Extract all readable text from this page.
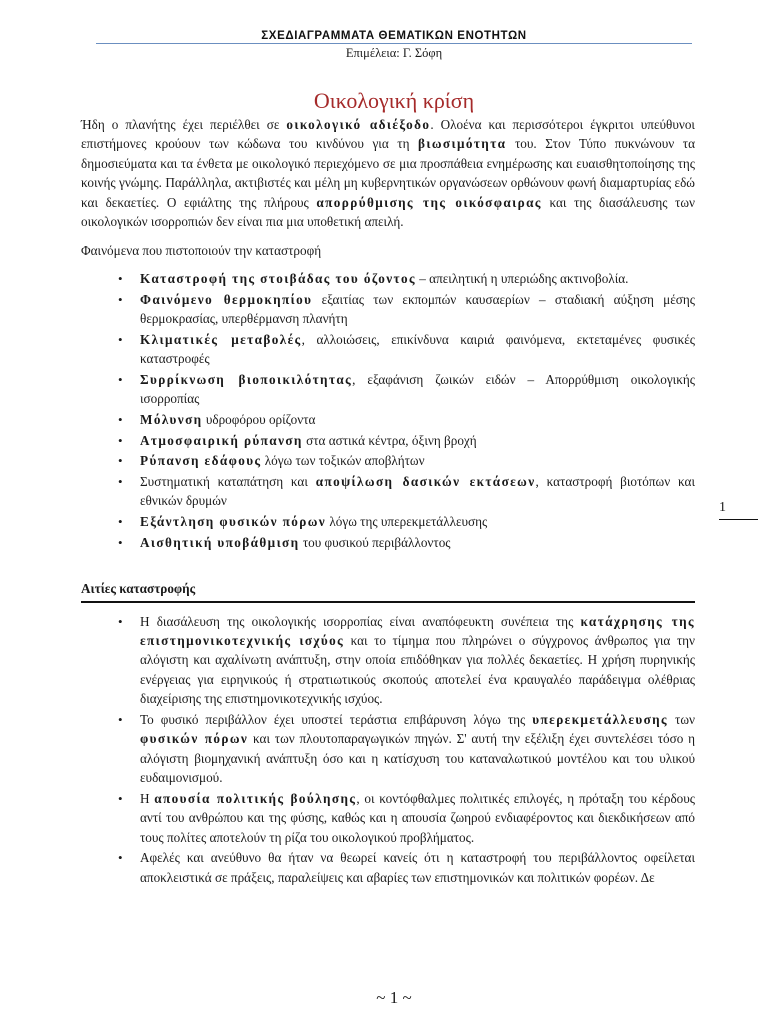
ΣΧΕΔΙΑΓΡΑΜΜΑΤΑ ΘΕΜΑΤΙΚΩΝ ΕΝΟΤΗΤΩΝ
Επιμέλεια: Γ. Σόφη
Οικολογική κρίση

Ήδη ο πλανήτης έχει περιέλθει σε οικολογικό αδιέξοδο. Ολοένα και περισσότεροι έγκριτοι υπεύθυνοι επιστήμονες κρούουν των κώδωνα του κινδύνου για τη βιωσιμότητα του. Στον Τύπο πυκνώνουν τα δημοσιεύματα και τα ένθετα με οικολογικό περιεχόμενο σε μια προσπάθεια ενημέρωσης και ευαισθητοποίησης της κοινής γνώμης. Παράλληλα, ακτιβιστές και μέλη μη κυβερνητικών οργανώσεων ορθώνουν φωνή διαμαρτυρίας εδώ και δεκαετίες. Ο εφιάλτης της πλήρους απορρύθμισης της οικόσφαιρας και της διασάλευσης των οικολογικών ισορροπιών δεν είναι πια μια υποθετική απειλή.

Φαινόμενα που πιστοποιούν την καταστροφή

• Καταστροφή της στοιβάδας του όζοντος – απειλητική η υπεριώδης ακτινοβολία.
• Φαινόμενο θερμοκηπίου εξαιτίας των εκπομπών καυσαερίων – σταδιακή αύξηση μέσης θερμοκρασίας, υπερθέρμανση πλανήτη
• Κλιματικές μεταβολές, αλλοιώσεις, επικίνδυνα καιριά φαινόμενα, εκτεταμένες φυσικές καταστροφές
• Συρρίκνωση βιοποικιλότητας, εξαφάνιση ζωικών ειδών – Απορρύθμιση οικολογικής ισορροπίας
• Μόλυνση υδροφόρου ορίζοντα
• Ατμοσφαιρική ρύπανση στα αστικά κέντρα, όξινη βροχή
• Ρύπανση εδάφους λόγω των τοξικών αποβλήτων
• Συστηματική καταπάτηση και αποψίλωση δασικών εκτάσεων, καταστροφή βιοτόπων και εθνικών δρυμών
• Εξάντληση φυσικών πόρων λόγω της υπερεκμετάλλευσης
• Αισθητική υποβάθμιση του φυσικού περιβάλλοντος

Αιτίες καταστροφής

• Η διασάλευση της οικολογικής ισορροπίας είναι αναπόφευκτη συνέπεια της κατάχρησης της επιστημονικοτεχνικής ισχύος και το τίμημα που πληρώνει ο σύγχρονος άνθρωπος για την αλόγιστη και αχαλίνωτη ανάπτυξη, στην οποία επιδόθηκαν για πολλές δεκαετίες. Η χρήση πυρηνικής ενέργειας για ειρηνικούς ή στρατιωτικούς σκοπούς αποτελεί ένα κραυγαλέο παράδειγμα ολέθριας διαχείρισης της επιστημονικοτεχνικής ισχύος.
• Το φυσικό περιβάλλον έχει υποστεί τεράστια επιβάρυνση λόγω της υπερεκμετάλλευσης των φυσικών πόρων και των πλουτοπαραγωγικών πηγών. Σ' αυτή την εξέλιξη έχει συντελέσει τόσο η αλόγιστη βιομηχανική ανάπτυξη όσο και η κατίσχυση του καταναλωτικού μοντέλου και του υλικού ευδαιμονισμού.
• Η απουσία πολιτικής βούλησης, οι κοντόφθαλμες πολιτικές επιλογές, η πρόταξη του κέρδους αντί του ανθρώπου και της φύσης, καθώς και η απουσία ζωηρού ενδιαφέροντος και διεκδικήσεων από τους πολίτες αποτελούν τη ρίζα του οικολογικού προβλήματος.
• Αφελές και ανεύθυνο θα ήταν να θεωρεί κανείς ότι η καταστροφή του περιβάλλοντος οφείλεται αποκλειστικά σε πράξεις, παραλείψεις και αβαρίες των επιστημονικών και πολιτικών φορέων. Δε
1
~ 1 ~
